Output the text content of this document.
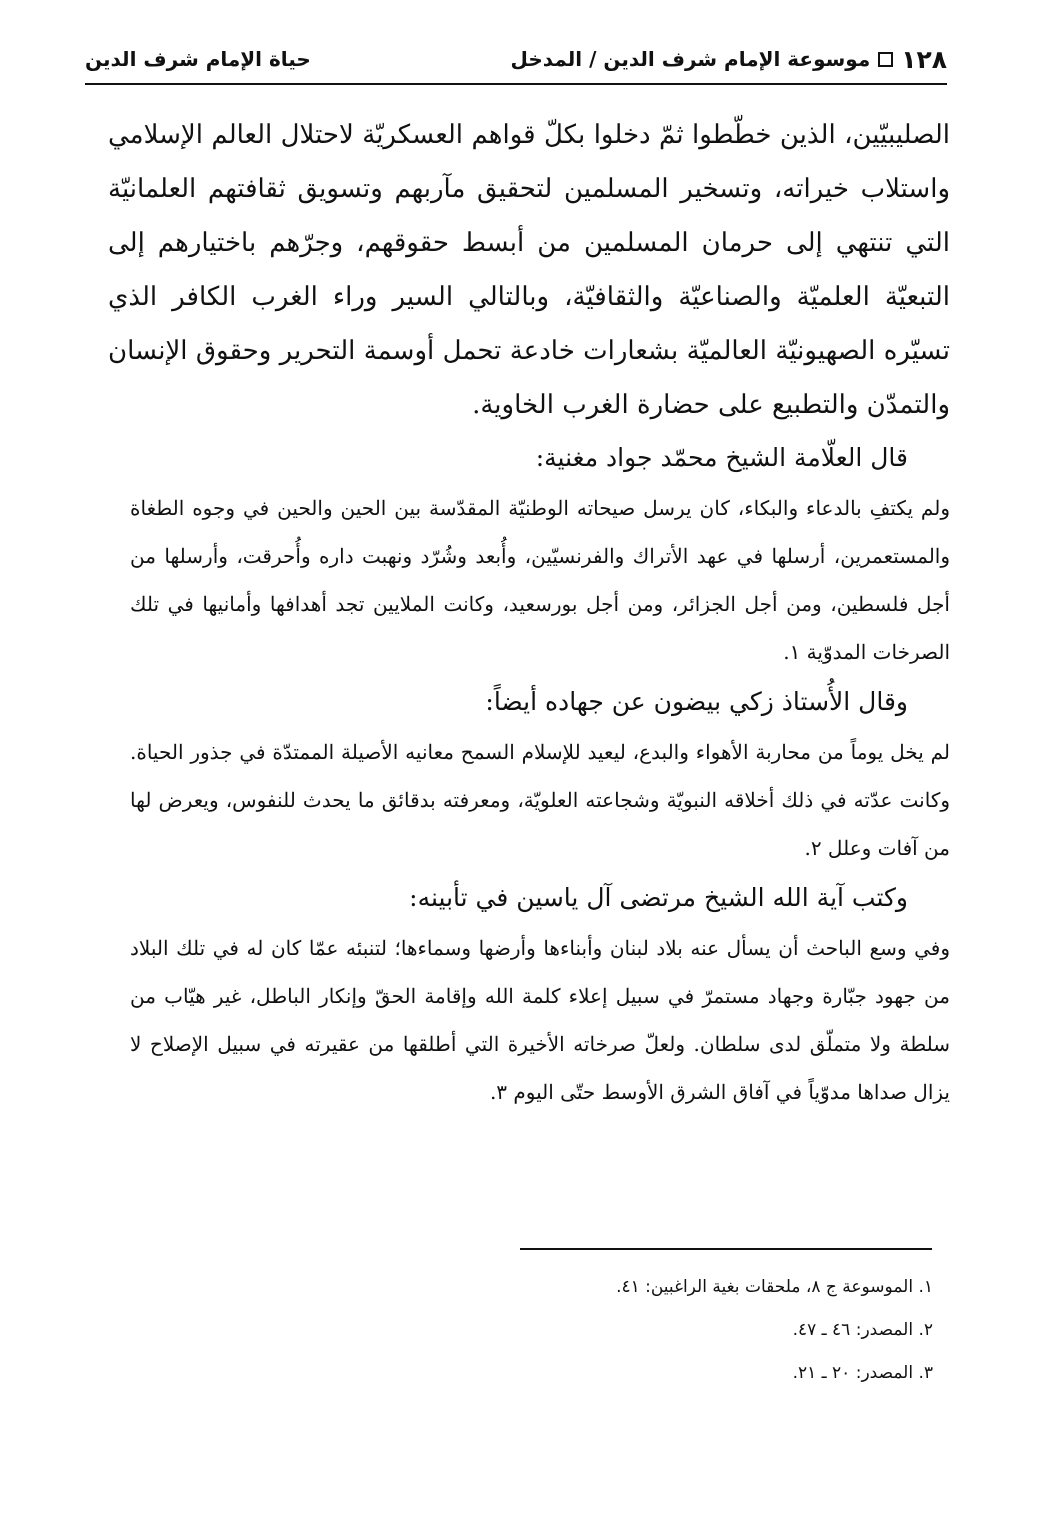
١٢٨
موسوعة الإمام شرف الدين / المدخل
حياة الإمام شرف الدين
الصليبيّين، الذين خطّطوا ثمّ دخلوا بكلّ قواهم العسكريّة لاحتلال العالم الإسلامي واستلاب خيراته، وتسخير المسلمين لتحقيق مآربهم وتسويق ثقافتهم العلمانيّة التي تنتهي إلى حرمان المسلمين من أبسط حقوقهم، وجرّهم باختيارهم إلى التبعيّة العلميّة والصناعيّة والثقافيّة، وبالتالي السير وراء الغرب الكافر الذي تسيّره الصهيونيّة العالميّة بشعارات خادعة تحمل أوسمة التحرير وحقوق الإنسان والتمدّن والتطبيع على حضارة الغرب الخاوية.
قال العلّامة الشيخ محمّد جواد مغنية:
ولم يكتفِ بالدعاء والبكاء، كان يرسل صيحاته الوطنيّة المقدّسة بين الحين والحين في وجوه الطغاة والمستعمرين، أرسلها في عهد الأتراك والفرنسيّين، وأُبعد وشُرّد ونهبت داره وأُحرقت، وأرسلها من أجل فلسطين، ومن أجل الجزائر، ومن أجل بورسعيد، وكانت الملايين تجد أهدافها وأمانيها في تلك الصرخات المدوّية ١.
وقال الأُستاذ زكي بيضون عن جهاده أيضاً:
لم يخل يوماً من محاربة الأهواء والبدع، ليعيد للإسلام السمح معانيه الأصيلة الممتدّة في جذور الحياة. وكانت عدّته في ذلك أخلاقه النبويّة وشجاعته العلويّة، ومعرفته بدقائق ما يحدث للنفوس، ويعرض لها من آفات وعلل ٢.
وكتب آية الله الشيخ مرتضى آل ياسين في تأبينه:
وفي وسع الباحث أن يسأل عنه بلاد لبنان وأبناءها وأرضها وسماءها؛ لتنبئه عمّا كان له في تلك البلاد من جهود جبّارة وجهاد مستمرّ في سبيل إعلاء كلمة الله وإقامة الحقّ وإنكار الباطل، غير هيّاب من سلطة ولا متملّق لدى سلطان. ولعلّ صرخاته الأخيرة التي أطلقها من عقيرته في سبيل الإصلاح لا يزال صداها مدوّياً في آفاق الشرق الأوسط حتّى اليوم ٣.
١. الموسوعة ج ٨، ملحقات بغية الراغبين: ٤١.
٢. المصدر: ٤٦ ـ ٤٧.
٣. المصدر: ٢٠ ـ ٢١.
